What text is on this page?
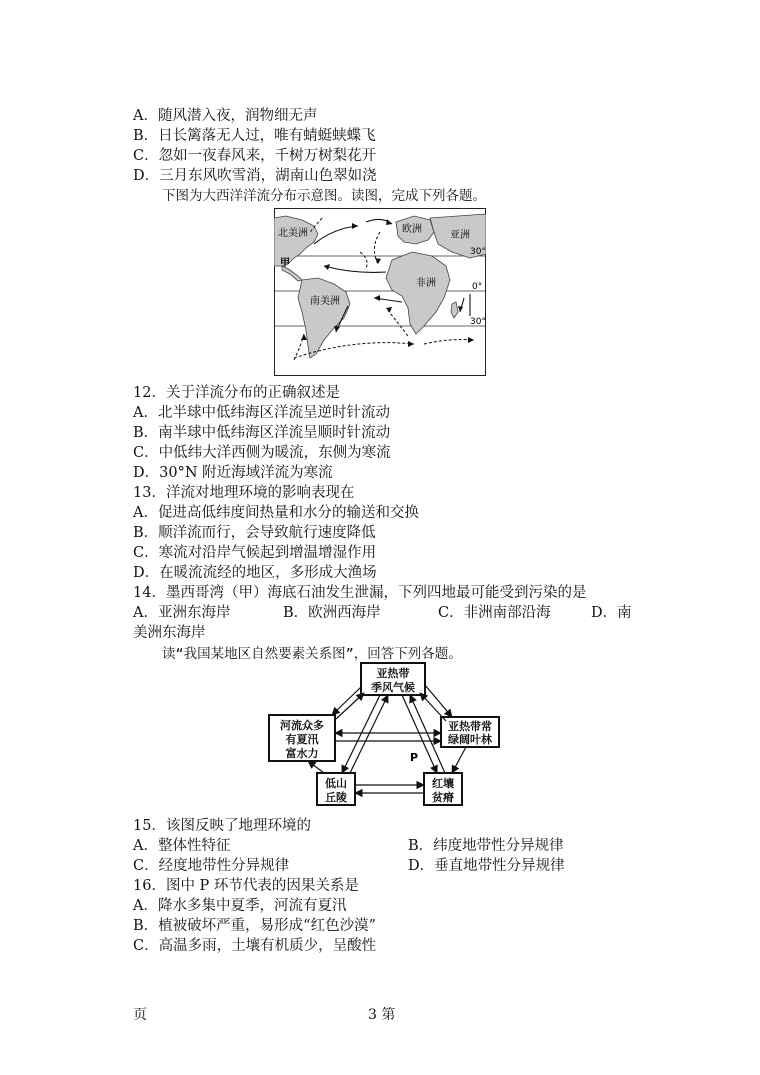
A．随风潜入夜，润物细无声
B．日长篱落无人过，唯有蜻蜓蛱蝶飞
C．忽如一夜春风来，千树万树梨花开
D．三月东风吹雪消，湖南山色翠如浇
下图为大西洋洋流分布示意图。读图，完成下列各题。
北美洲	欧洲
亚洲
非洲
南美洲
甲
30°
0°
30°
12．关于洋流分布的正确叙述是
A．北半球中低纬海区洋流呈逆时针流动
B．南半球中低纬海区洋流呈顺时针流动
C．中低纬大洋西侧为暖流，东侧为寒流
D．30°N 附近海域洋流为寒流
13．洋流对地理环境的影响表现在
A．促进高低纬度间热量和水分的输送和交换
B．顺洋流而行，会导致航行速度降低
C．寒流对沿岸气候起到增温增湿作用
D．在暖流流经的地区，多形成大渔场
14．墨西哥湾（甲）海底石油发生泄漏，下列四地最可能受到污染的是
A．亚洲东海岸	B．欧洲西海岸	C．非洲南部沿海	D．南
美洲东海岸
读“我国某地区自然要素关系图”，回答下列各题。
亚热带
季风气候
河流众多
有夏汛
富水力
亚热带常
绿阔叶林
低山
丘陵
红壤
贫瘠
P
15．该图反映了地理环境的
A．整体性特征	B．纬度地带性分异规律
C．经度地带性分异规律	D．垂直地带性分异规律
16．图中 P 环节代表的因果关系是
A．降水多集中夏季，河流有夏汛
B．植被破坏严重，易形成“红色沙漠”
C．高温多雨，土壤有机质少，呈酸性
页	3 第
